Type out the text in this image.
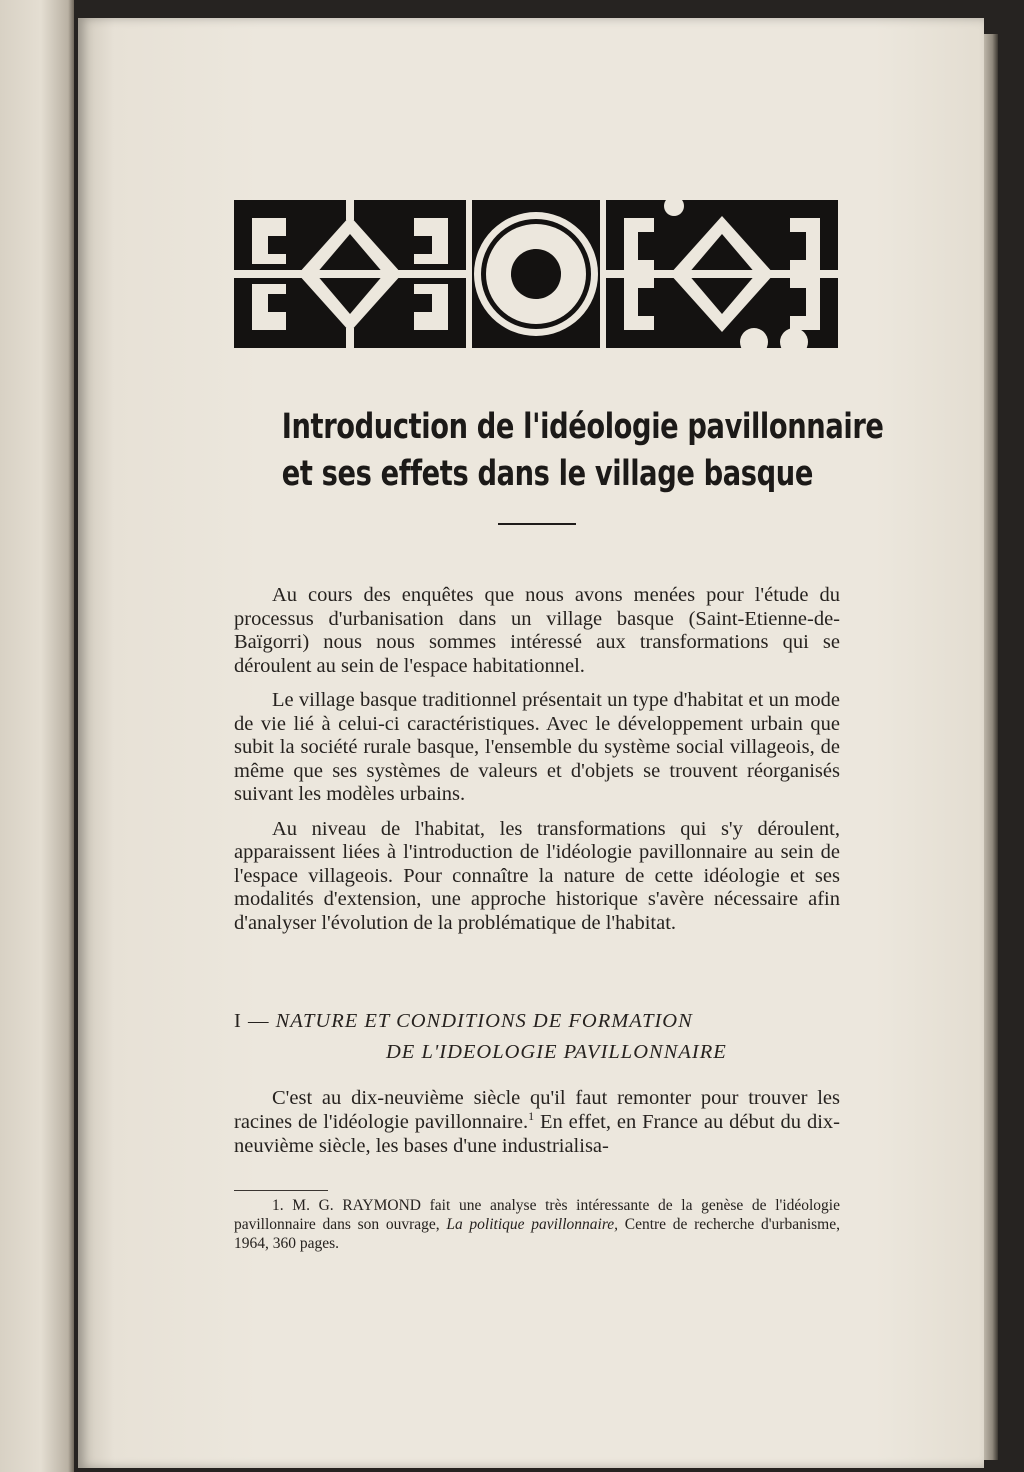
Introduction de l'idéologie pavillonnaire
et ses effets dans le village basque

Au cours des enquêtes que nous avons menées pour l'étude du processus d'urbanisation dans un village basque (Saint-Etienne-de-Baïgorri) nous nous sommes intéressé aux transformations qui se déroulent au sein de l'espace habitationnel.

Le village basque traditionnel présentait un type d'habitat et un mode de vie lié à celui-ci caractéristiques. Avec le développement urbain que subit la société rurale basque, l'ensemble du système social villageois, de même que ses systèmes de valeurs et d'objets se trouvent réorganisés suivant les modèles urbains.

Au niveau de l'habitat, les transformations qui s'y déroulent, apparaissent liées à l'introduction de l'idéologie pavillonnaire au sein de l'espace villageois. Pour connaître la nature de cette idéologie et ses modalités d'extension, une approche historique s'avère nécessaire afin d'analyser l'évolution de la problématique de l'habitat.

I — NATURE ET CONDITIONS DE FORMATION
DE L'IDEOLOGIE PAVILLONNAIRE

C'est au dix-neuvième siècle qu'il faut remonter pour trouver les racines de l'idéologie pavillonnaire.$^1$ En effet, en France au début du dix-neuvième siècle, les bases d'une industrialisa-

1. M. G. RAYMOND fait une analyse très intéressante de la genèse de l'idéologie pavillonnaire dans son ouvrage, La politique pavillonnaire, Centre de recherche d'urbanisme, 1964, 360 pages.
